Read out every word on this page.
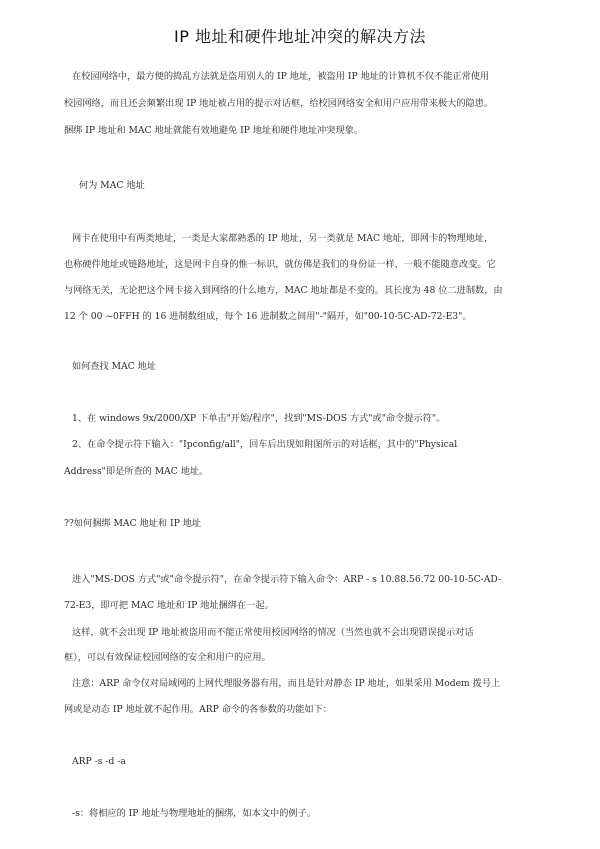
IP 地址和硬件地址冲突的解决方法
在校园网络中，最方便的捣乱方法就是盗用别人的 IP 地址，被盗用 IP 地址的计算机不仅不能正常使用
校园网络，而且还会频繁出现 IP 地址被占用的提示对话框，给校园网络安全和用户应用带来极大的隐患。
捆绑 IP 地址和 MAC 地址就能有效地避免 IP 地址和硬件地址冲突现象。
何为 MAC 地址
网卡在使用中有两类地址，一类是大家都熟悉的 IP 地址，另一类就是 MAC 地址，即网卡的物理地址，
也称硬件地址或链路地址，这是网卡自身的惟一标识，就仿佛是我们的身份证一样，一般不能随意改变。它
与网络无关，无论把这个网卡接入到网络的什么地方，MAC 地址都是不变的。其长度为 48 位二进制数，由
12 个 00 ~0FFH 的 16 进制数组成，每个 16 进制数之间用"-"隔开，如"00-10-5C-AD-72-E3"。
如何查找 MAC 地址
1、在 windows 9x/2000/XP 下单击"开始/程序"，找到"MS-DOS 方式"或"命令提示符"。
2、在命令提示符下输入："Ipconfig/all"，回车后出现如附图所示的对话框，其中的"Physical
Address"即是所查的 MAC 地址。
??如何捆绑 MAC 地址和 IP 地址
进入"MS-DOS 方式"或"命令提示符"，在命令提示符下输入命令：ARP - s 10.88.56.72 00-10-5C-AD-
72-E3，即可把 MAC 地址和 IP 地址捆绑在一起。
这样，就不会出现 IP 地址被盗用而不能正常使用校园网络的情况（当然也就不会出现错误提示对话
框），可以有效保证校园网络的安全和用户的应用。
注意：ARP 命令仅对局域网的上网代理服务器有用，而且是针对静态 IP 地址，如果采用 Modem 拨号上
网或是动态 IP 地址就不起作用。ARP 命令的各参数的功能如下：
ARP -s -d -a
-s：将相应的 IP 地址与物理地址的捆绑，如本文中的例子。
